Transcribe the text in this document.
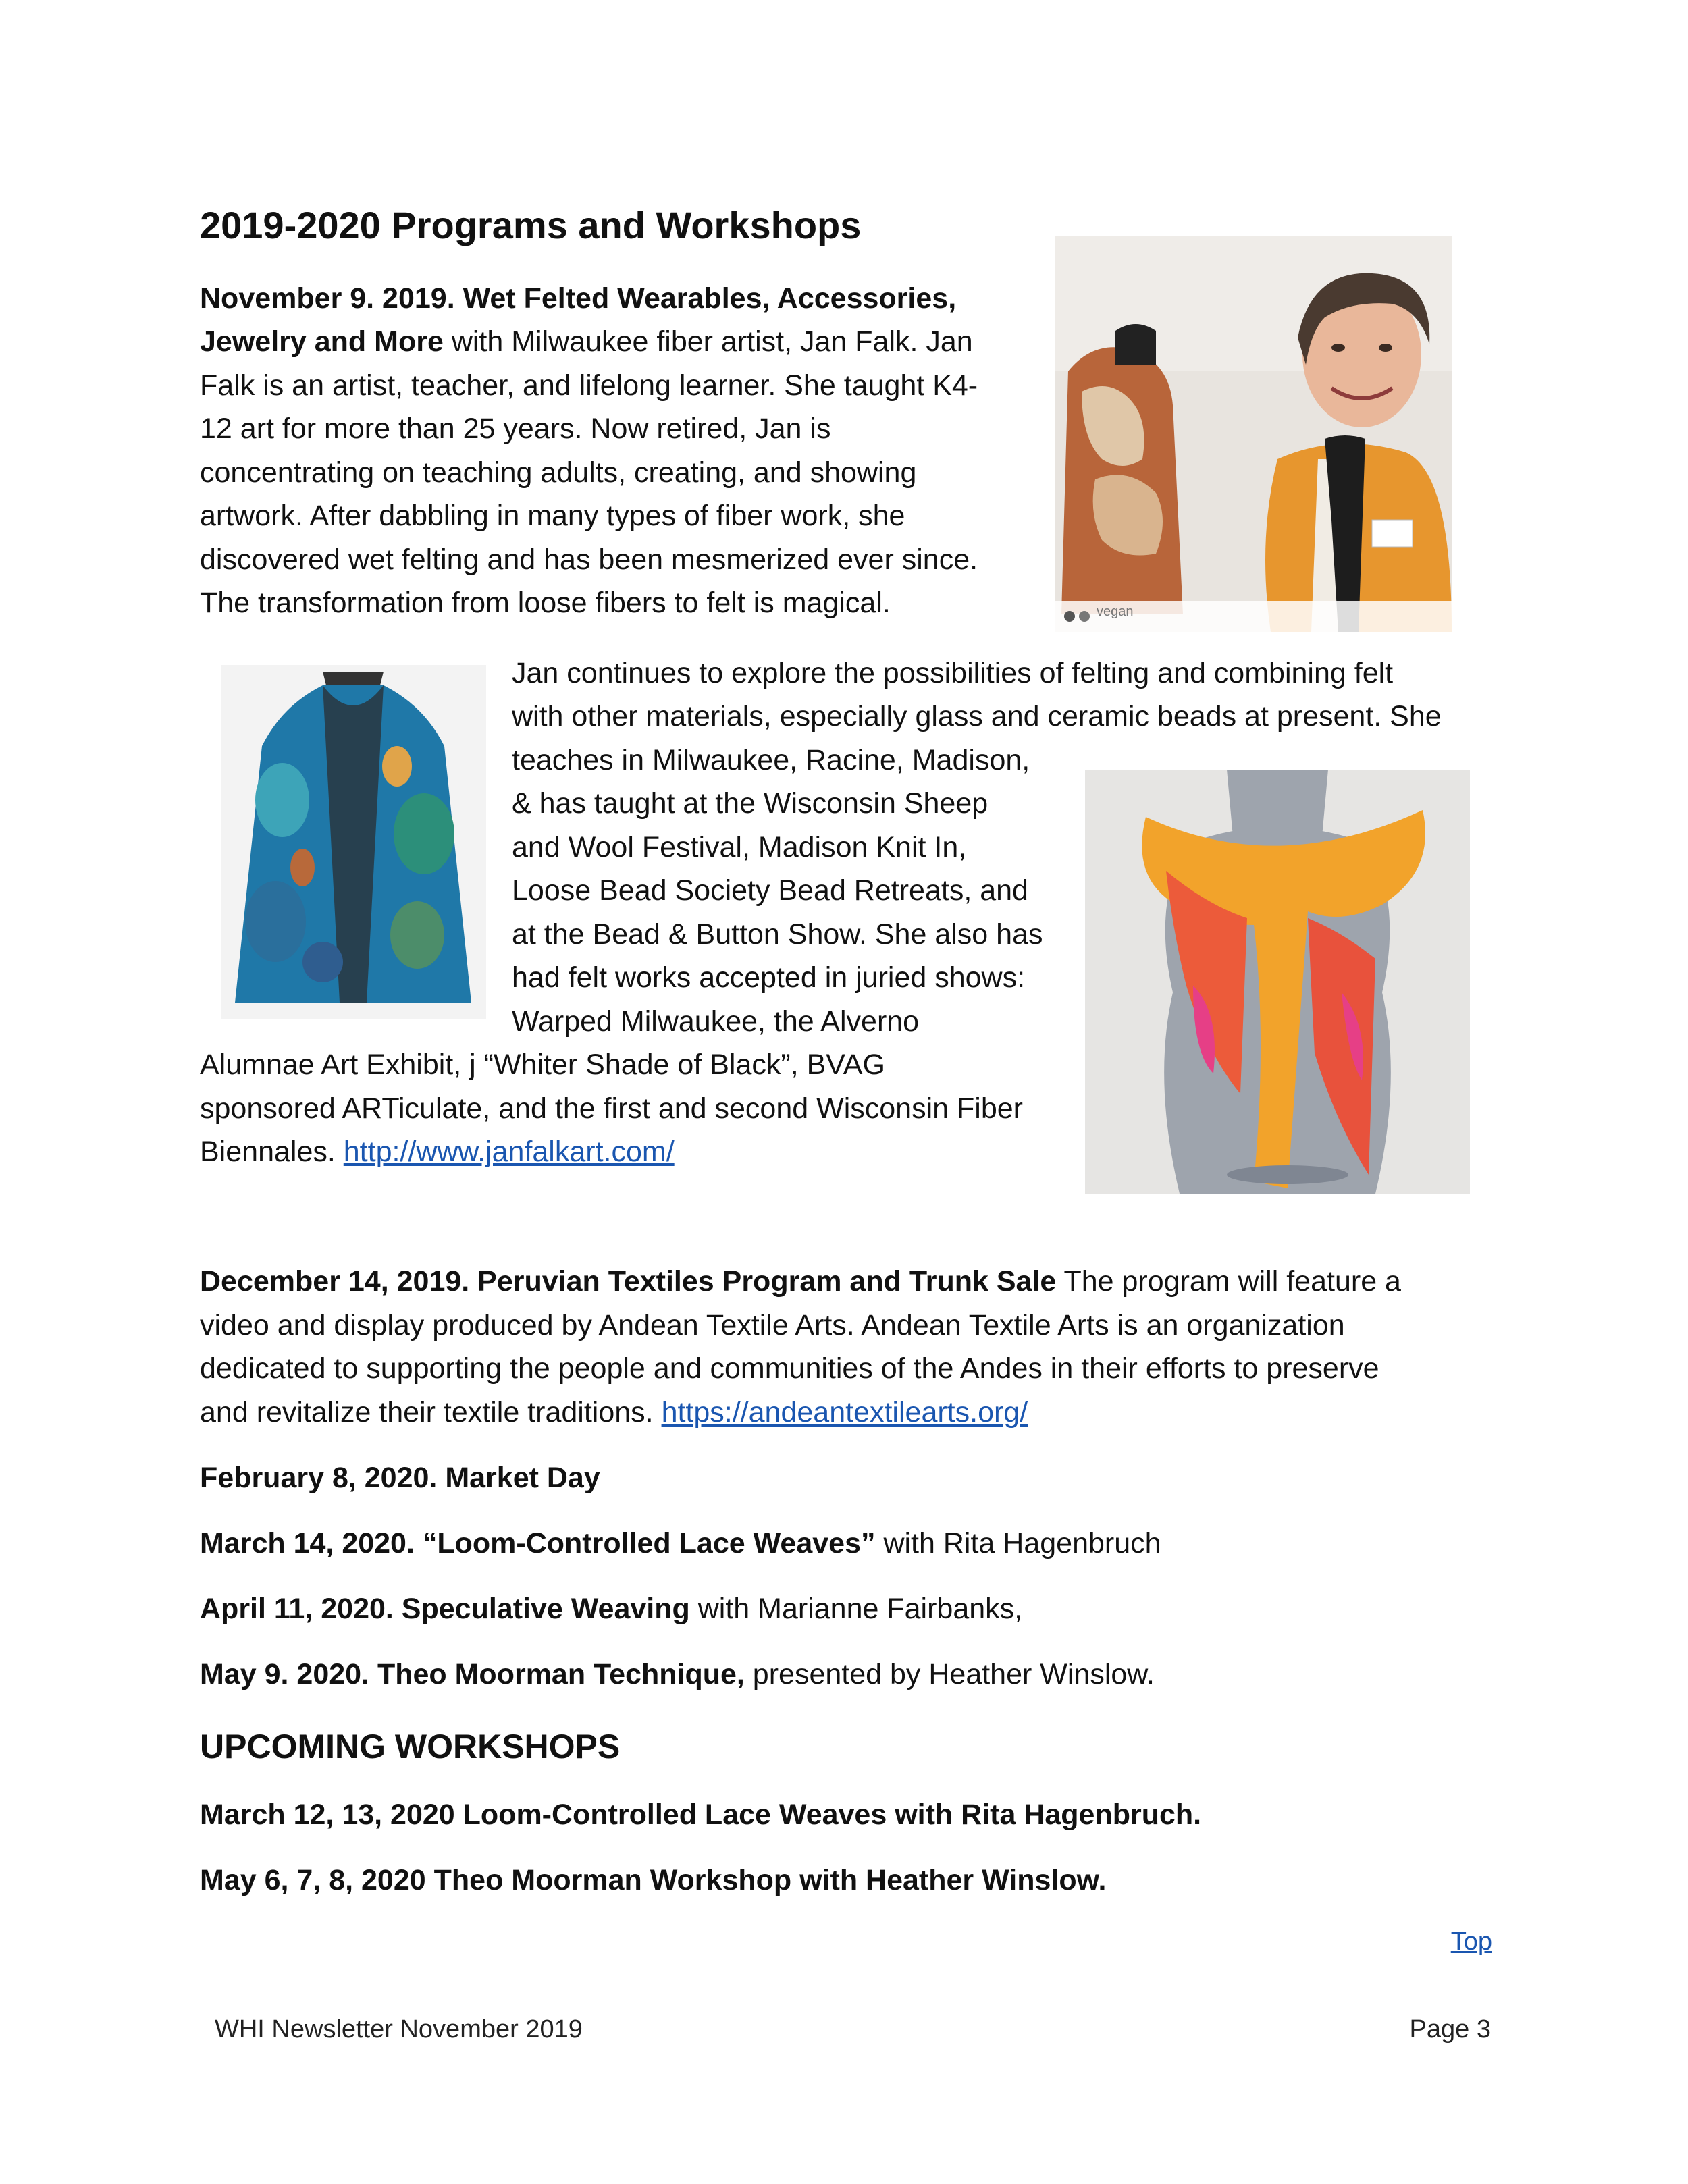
2019-2020 Programs and Workshops
November 9. 2019. Wet Felted Wearables, Accessories,
Jewelry and More with Milwaukee fiber artist, Jan Falk. Jan
Falk is an artist, teacher, and lifelong learner. She taught K4-
12 art for more than 25 years. Now retired, Jan is
concentrating on teaching adults, creating, and showing
artwork. After dabbling in many types of fiber work, she
discovered wet felting and has been mesmerized ever since.
The transformation from loose fibers to felt is magical.	vegan
Jan continues to explore the possibilities of felting and combining felt
with other materials, especially glass and ceramic beads at present. She
teaches in Milwaukee, Racine, Madison,
& has taught at the Wisconsin Sheep
and Wool Festival, Madison Knit In,
Loose Bead Society Bead Retreats, and
at the Bead & Button Show. She also has
had felt works accepted in juried shows:
Warped Milwaukee, the Alverno
Alumnae Art Exhibit, j “Whiter Shade of Black”, BVAG
sponsored ARTiculate, and the first and second Wisconsin Fiber
Biennales. http://www.janfalkart.com/
December 14, 2019. Peruvian Textiles Program and Trunk Sale The program will feature a
video and display produced by Andean Textile Arts. Andean Textile Arts is an organization
dedicated to supporting the people and communities of the Andes in their efforts to preserve
and revitalize their textile traditions. https://andeantextilearts.org/
February 8, 2020. Market Day
March 14, 2020. “Loom-Controlled Lace Weaves” with Rita Hagenbruch
April 11, 2020. Speculative Weaving with Marianne Fairbanks,
May 9. 2020. Theo Moorman Technique, presented by Heather Winslow.
UPCOMING WORKSHOPS
March 12, 13, 2020 Loom-Controlled Lace Weaves with Rita Hagenbruch.
May 6, 7, 8, 2020 Theo Moorman Workshop with Heather Winslow.
Top
WHI Newsletter November 2019	Page 3
